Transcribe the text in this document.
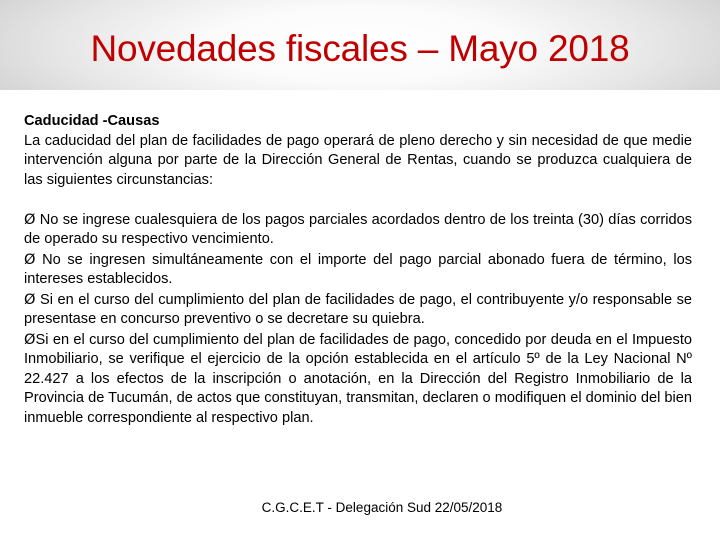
Novedades fiscales – Mayo 2018

Caducidad -Causas

La caducidad del plan de facilidades de pago operará de pleno derecho y sin necesidad de que medie intervención alguna por parte de la Dirección General de Rentas, cuando se produzca cualquiera de las siguientes circunstancias:

Ø No se ingrese cualesquiera de los pagos parciales acordados dentro de los treinta (30) días corridos de operado su respectivo vencimiento.

Ø No se ingresen simultáneamente con el importe del pago parcial abonado fuera de término, los intereses establecidos.

Ø Si en el curso del cumplimiento del plan de facilidades de pago, el contribuyente y/o responsable se presentase en concurso preventivo o se decretare su quiebra.

ØSi en el curso del cumplimiento del plan de facilidades de pago, concedido por deuda en el Impuesto Inmobiliario, se verifique el ejercicio de la opción establecida en el artículo 5º de la Ley Nacional Nº 22.427 a los efectos de la inscripción o anotación, en la Dirección del Registro Inmobiliario de la Provincia de Tucumán, de actos que constituyan, transmitan, declaren o modifiquen el dominio del bien inmueble correspondiente al respectivo plan.

C.G.C.E.T - Delegación Sud 22/05/2018
